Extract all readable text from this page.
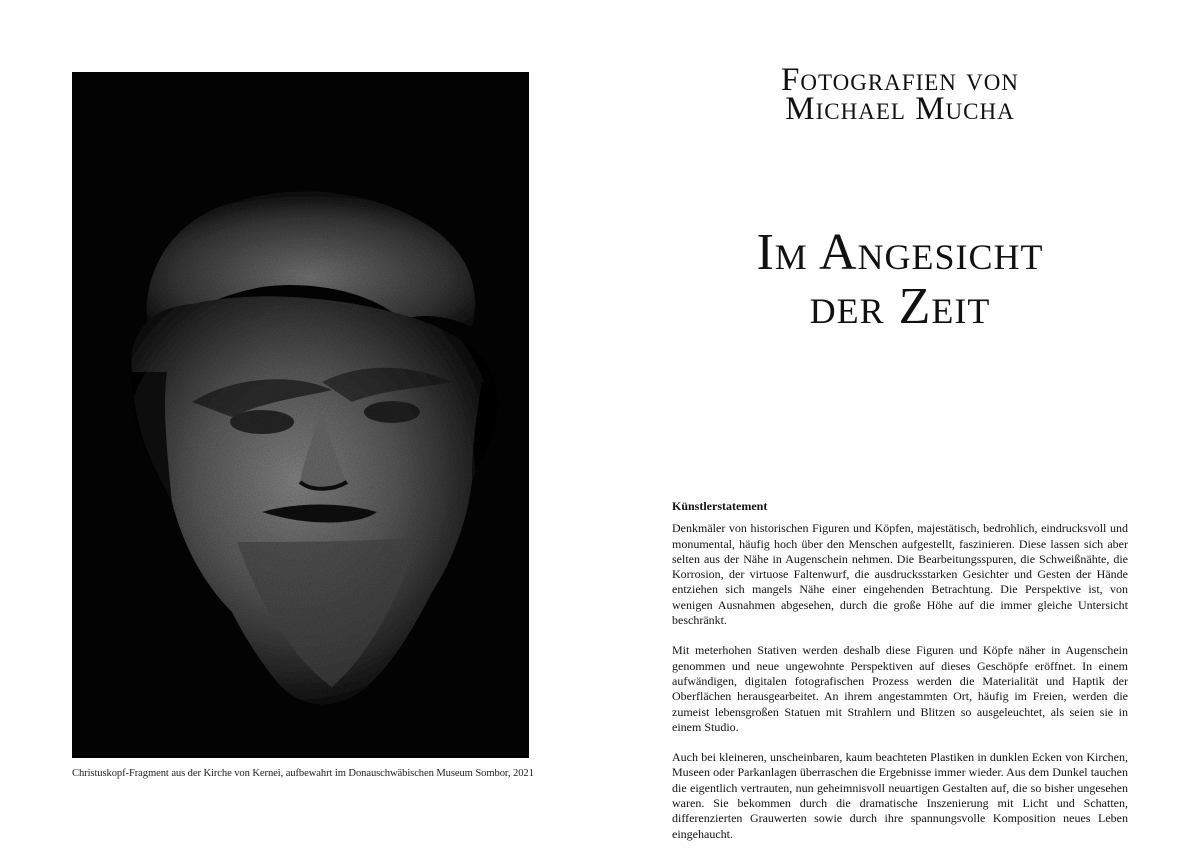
Christuskopf-Fragment aus der Kirche von Kernei, aufbewahrt im Donauschwäbischen Museum Sombor, 2021
Fotografien von
Michael Mucha
Im Angesicht
der Zeit
Künstlerstatement

Denkmäler von historischen Figuren und Köpfen, majestätisch, bedrohlich, eindrucksvoll und monumental, häufig hoch über den Menschen aufgestellt, faszinieren. Diese lassen sich aber selten aus der Nähe in Augenschein nehmen. Die Bearbeitungsspuren, die Schweißnähte, die Korrosion, der virtuose Faltenwurf, die ausdrucksstarken Gesichter und Gesten der Hände entziehen sich mangels Nähe einer eingehenden Betrachtung. Die Perspektive ist, von wenigen Ausnahmen abgesehen, durch die große Höhe auf die immer gleiche Untersicht beschränkt.

Mit meterhohen Stativen werden deshalb diese Figuren und Köpfe näher in Augenschein genommen und neue ungewohnte Perspektiven auf dieses Geschöpfe eröffnet. In einem aufwändigen, digitalen fotografischen Prozess werden die Materialität und Haptik der Oberflächen herausgearbeitet. An ihrem angestammten Ort, häufig im Freien, werden die zumeist lebensgroßen Statuen mit Strahlern und Blitzen so ausgeleuchtet, als seien sie in einem Studio.

Auch bei kleineren, unscheinbaren, kaum beachteten Plastiken in dunklen Ecken von Kirchen, Museen oder Parkanlagen überraschen die Ergebnisse immer wieder. Aus dem Dunkel tauchen die eigentlich vertrauten, nun geheimnisvoll neuartigen Gestalten auf, die so bisher ungesehen waren. Sie bekommen durch die dramatische Inszenierung mit Licht und Schatten, differenzierten Grauwerten sowie durch ihre spannungsvolle Komposition neues Leben eingehaucht.
